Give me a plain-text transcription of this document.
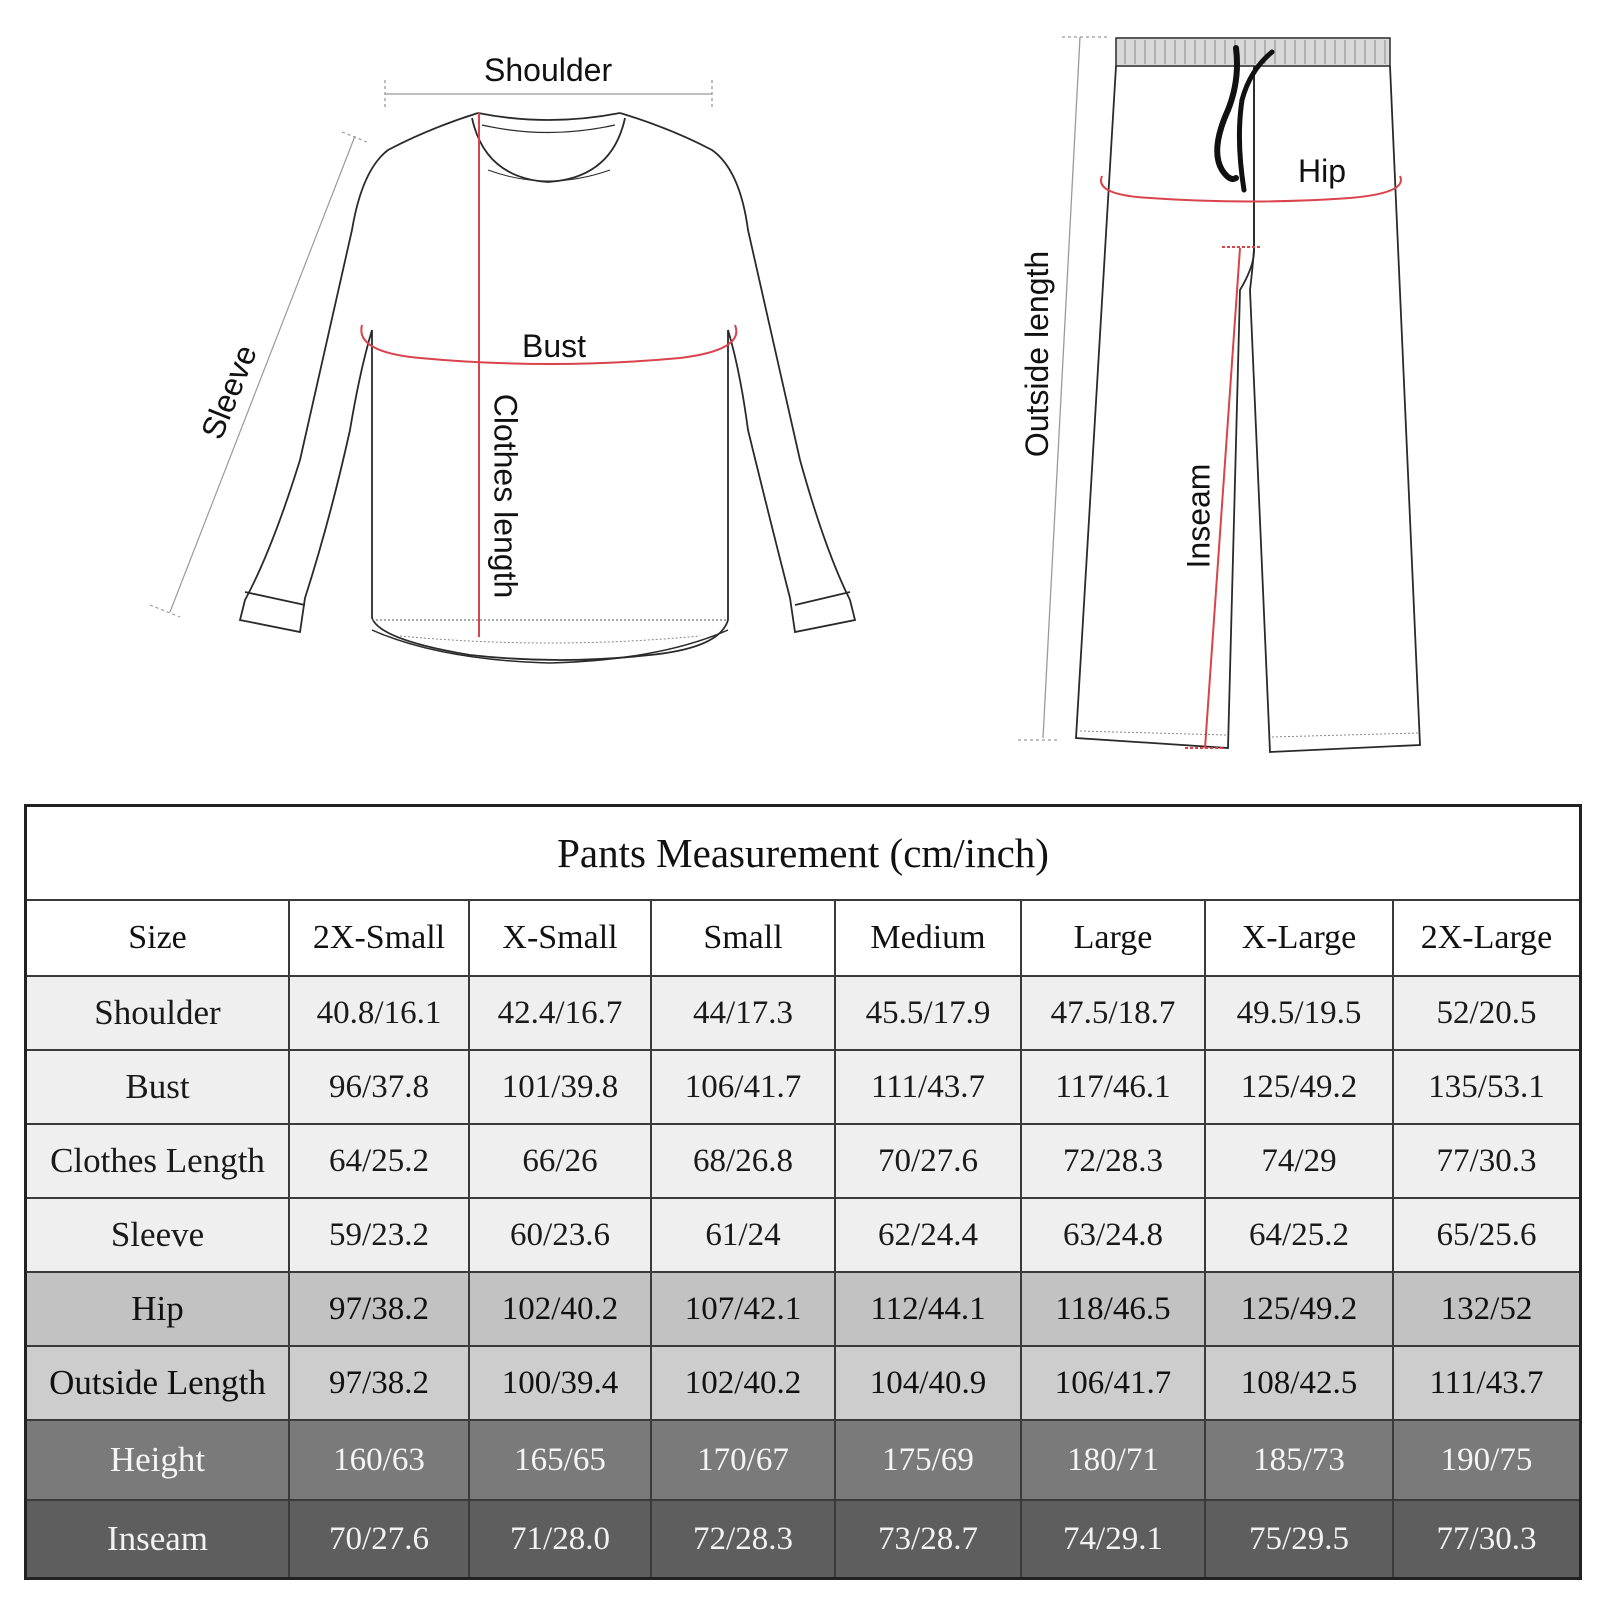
Shoulder
Bust
Sleeve
Clothes length
Hip
Outside length
Inseam
Pants Measurement (cm/inch)							
Size	2X-Small	X-Small	Small	Medium	Large	X-Large	2X-Large
Shoulder	40.8/16.1	42.4/16.7	44/17.3	45.5/17.9	47.5/18.7	49.5/19.5	52/20.5
Bust	96/37.8	101/39.8	106/41.7	111/43.7	117/46.1	125/49.2	135/53.1
Clothes Length	64/25.2	66/26	68/26.8	70/27.6	72/28.3	74/29	77/30.3
Sleeve	59/23.2	60/23.6	61/24	62/24.4	63/24.8	64/25.2	65/25.6
Hip	97/38.2	102/40.2	107/42.1	112/44.1	118/46.5	125/49.2	132/52
Outside Length	97/38.2	100/39.4	102/40.2	104/40.9	106/41.7	108/42.5	111/43.7
Height	160/63	165/65	170/67	175/69	180/71	185/73	190/75
Inseam	70/27.6	71/28.0	72/28.3	73/28.7	74/29.1	75/29.5	77/30.3
